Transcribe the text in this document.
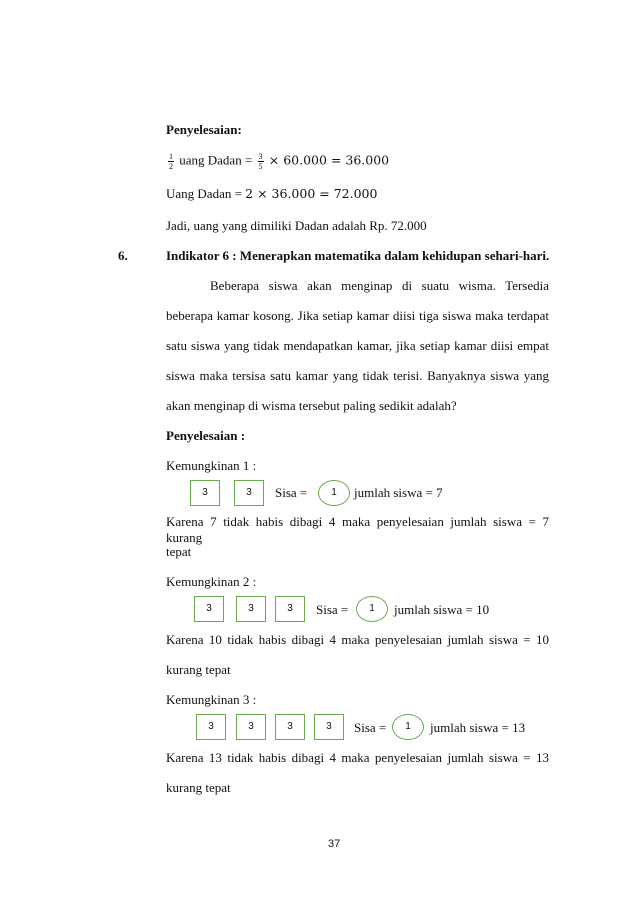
Penyelesaian:
$\frac{1}{2}$ uang Dadan = $\frac{3}{5} \times 60.000 = 36.000$
Uang Dadan = 2 × 36.000 = 72.000
Jadi, uang yang dimiliki Dadan adalah Rp. 72.000
6.	Indikator 6 : Menerapkan matematika dalam kehidupan sehari-hari.
Beberapa siswa akan menginap di suatu wisma. Tersedia
beberapa kamar kosong. Jika setiap kamar diisi tiga siswa maka terdapat
satu siswa yang tidak mendapatkan kamar, jika setiap kamar diisi empat
siswa maka tersisa satu kamar yang tidak terisi. Banyaknya siswa yang
akan menginap di wisma tersebut paling sedikit adalah?
Penyelesaian :
Kemungkinan 1 :
3	3	Sisa =	1	jumlah siswa = 7
Karena 7 tidak habis dibagi 4 maka penyelesaian jumlah siswa = 7 kurang
tepat
Kemungkinan 2 :
3	3	3	Sisa =	1	jumlah siswa = 10
Karena 10 tidak habis dibagi 4 maka penyelesaian jumlah siswa = 10
kurang tepat
Kemungkinan 3 :
3	3	3	3	Sisa =	1	jumlah siswa = 13
Karena 13 tidak habis dibagi 4 maka penyelesaian jumlah siswa = 13
kurang tepat
37
